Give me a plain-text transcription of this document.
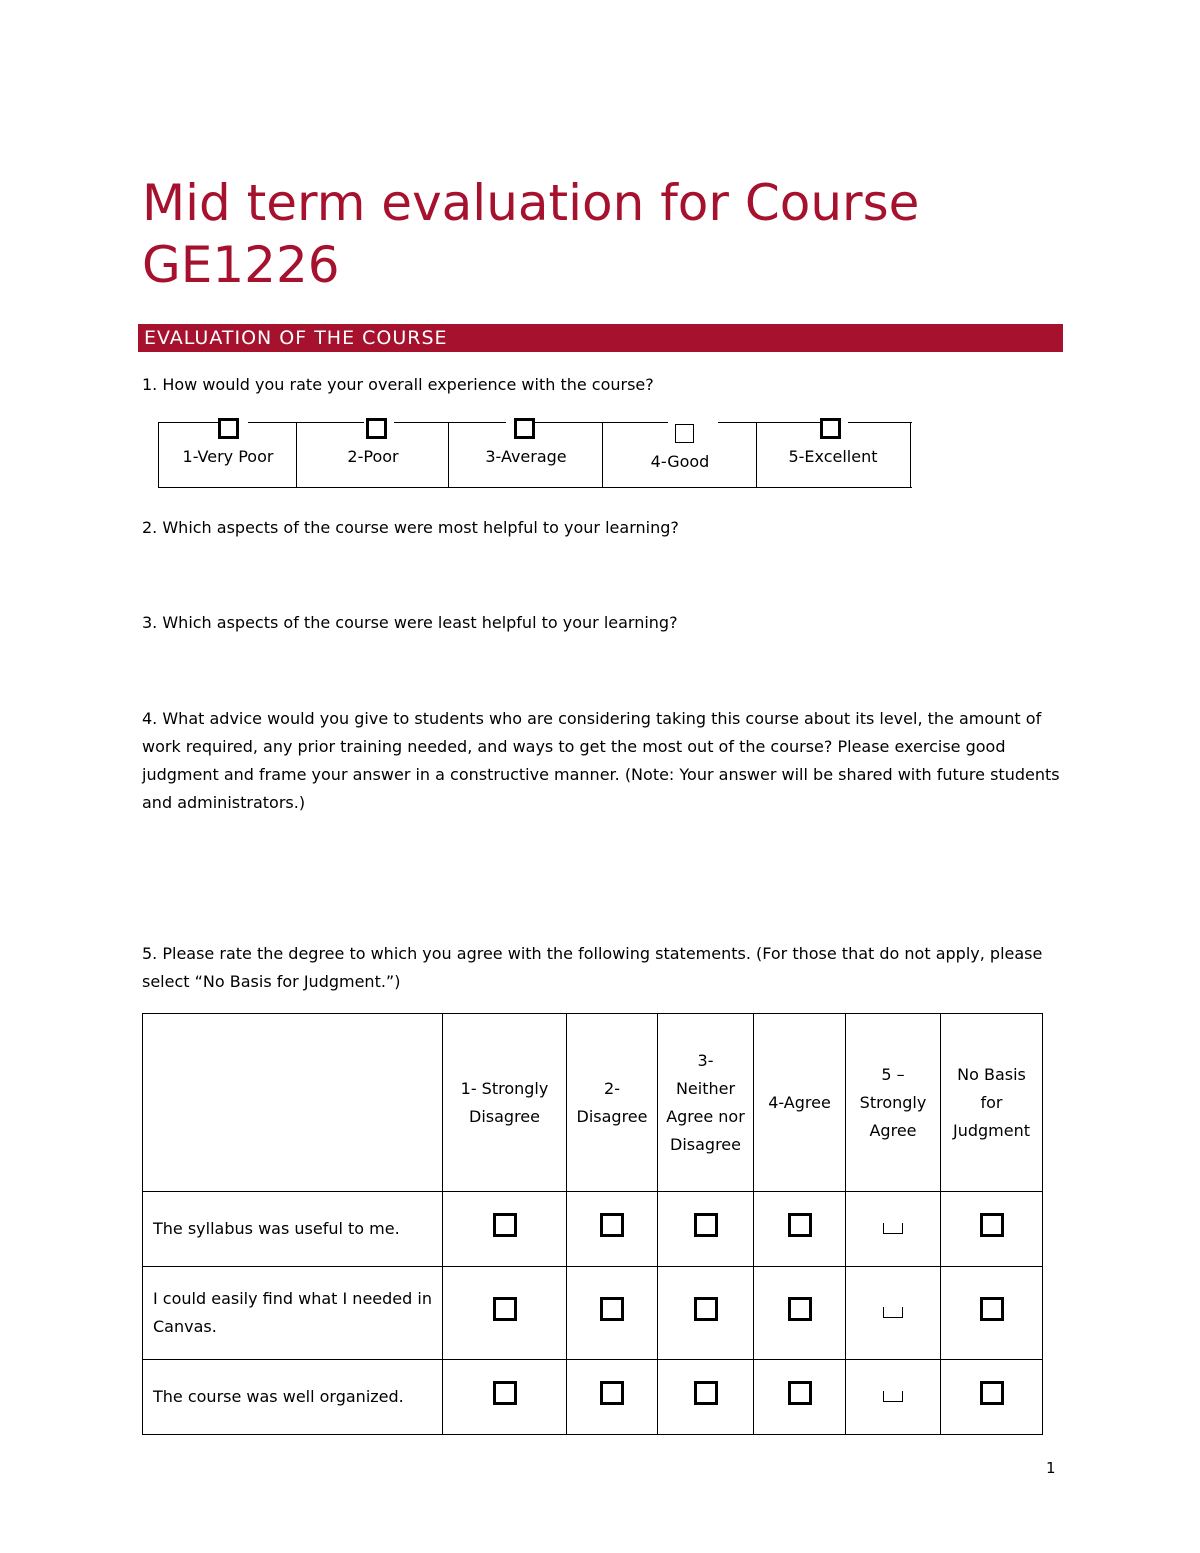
Mid term evaluation for Course GE1226
EVALUATION OF THE COURSE

1. How would you rate your overall experience with the course?

1-Very Poor	2-Poor	3-Average	4-Good	5-Excellent

2. Which aspects of the course were most helpful to your learning?

3. Which aspects of the course were least helpful to your learning?

4. What advice would you give to students who are considering taking this course about its level, the amount of work required, any prior training needed, and ways to get the most out of the course? Please exercise good judgment and frame your answer in a constructive manner. (Note: Your answer will be shared with future students and administrators.)

5. Please rate the degree to which you agree with the following statements. (For those that do not apply, please select “No Basis for Judgment.”)

	1- Strongly Disagree	2- Disagree	3- Neither Agree nor Disagree	4-Agree	5 – Strongly Agree	No Basis for Judgment
The syllabus was useful to me.						
I could easily find what I needed in Canvas.						
The course was well organized.						
1
